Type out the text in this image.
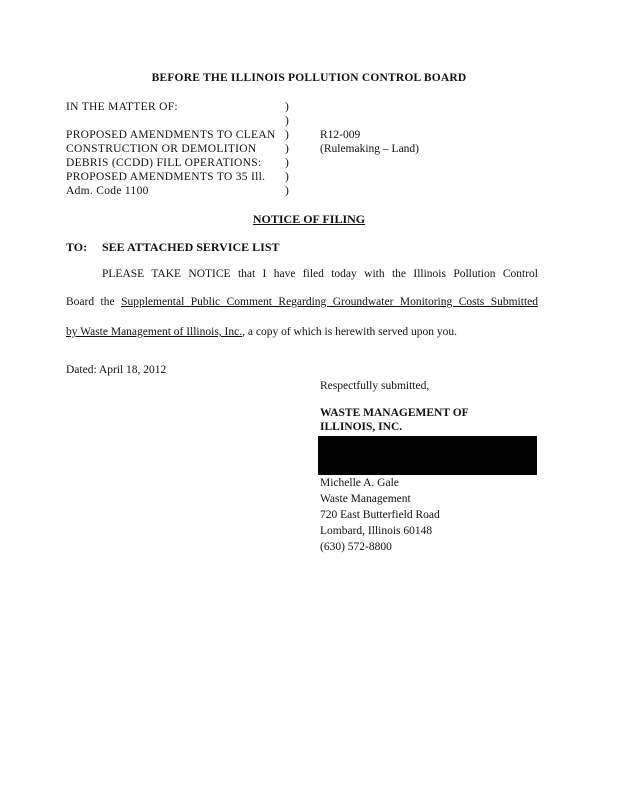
BEFORE THE ILLINOIS POLLUTION CONTROL BOARD
IN THE MATTER OF:
PROPOSED AMENDMENTS TO CLEAN
CONSTRUCTION OR DEMOLITION
DEBRIS (CCDD) FILL OPERATIONS:
PROPOSED AMENDMENTS TO 35 Ill.
Adm. Code 1100
)
)
)
)
)
)
)
R12-009
(Rulemaking – Land)
NOTICE OF FILING
TO: SEE ATTACHED SERVICE LIST
PLEASE TAKE NOTICE that I have filed today with the Illinois Pollution Control
Board the Supplemental Public Comment Regarding Groundwater Monitoring Costs Submitted
by Waste Management of Illinois, Inc., a copy of which is herewith served upon you.
Dated: April 18, 2012
Respectfully submitted,
WASTE MANAGEMENT OF
ILLINOIS, INC.
Michelle A. Gale
Waste Management
720 East Butterfield Road
Lombard, Illinois 60148
(630) 572-8800
